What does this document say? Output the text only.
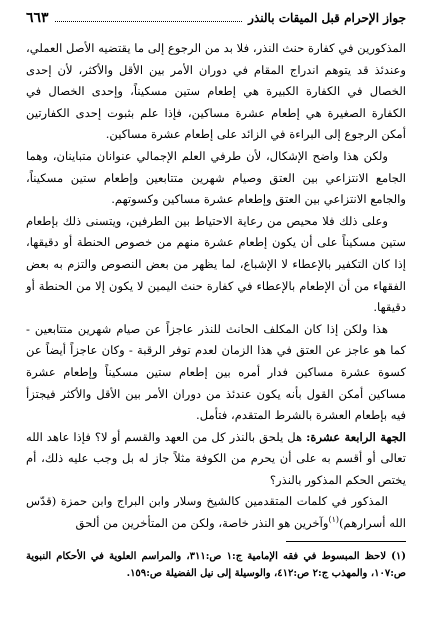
جواز الإحرام قبل الميقات بالنذر
٦٦٣

المذكورين في كفارة حنث النذر، فلا بد من الرجوع إلى ما يقتضيه الأصل العملي، وعندئذ قد يتوهم اندراج المقام في دوران الأمر بين الأقل والأكثر، لأن إحدى الخصال في الكفارة الكبيرة هي إطعام ستين مسكيناً، وإحدى الخصال في الكفارة الصغيرة هي إطعام عشرة مساكين، فإذا علم بثبوت إحدى الكفارتين أمكن الرجوع إلى البراءة في الزائد على إطعام عشرة مساكين.

ولكن هذا واضح الإشكال، لأن طرفي العلم الإجمالي عنوانان متباينان، وهما الجامع الانتزاعي بين العتق وصيام شهرين متتابعين وإطعام ستين مسكيناً، والجامع الانتزاعي بين العتق وإطعام عشرة مساكين وكسوتهم.

وعلى ذلك فلا محيص من رعاية الاحتياط بين الطرفين، ويتسنى ذلك بإطعام ستين مسكيناً على أن يكون إطعام عشرة منهم من خصوص الحنطة أو دقيقها، إذا كان التكفير بالإعطاء لا الإشباع، لما يظهر من بعض النصوص والتزم به بعض الفقهاء من أن الإطعام بالإعطاء في كفارة حنث اليمين لا يكون إلا من الحنطة أو دقيقها.

هذا ولكن إذا كان المكلف الحانث للنذر عاجزاً عن صيام شهرين متتابعين - كما هو عاجز عن العتق في هذا الزمان لعدم توفر الرقبة - وكان عاجزاً أيضاً عن كسوة عشرة مساكين فدار أمره بين إطعام ستين مسكيناً وإطعام عشرة مساكين أمكن القول بأنه يكون عندئذ من دوران الأمر بين الأقل والأكثر فيجتزأ فيه بإطعام العشرة بالشرط المتقدم، فتأمل.

الجهة الرابعة عشرة: هل يلحق بالنذر كل من العهد والقسم أو لا؟ فإذا عاهد الله تعالى أو أقسم به على أن يحرم من الكوفة مثلاً جاز له بل وجب عليه ذلك، أم يختص الحكم المذكور بالنذر؟

المذكور في كلمات المتقدمين كالشيخ وسلار وابن البراج وابن حمزة (قدّس الله أسرارهم)$^{(١)}$وآخرين هو النذر خاصة، ولكن من المتأخرين من ألحق

(١) لاحظ المبسوط في فقه الإمامية ج:١ ص:٣١١، والمراسم العلوية في الأحكام النبوية ص:١٠٧، والمهذب ج:٢ ص:٤١٢، والوسيلة إلى نيل الفضيلة ص:١٥٩.
